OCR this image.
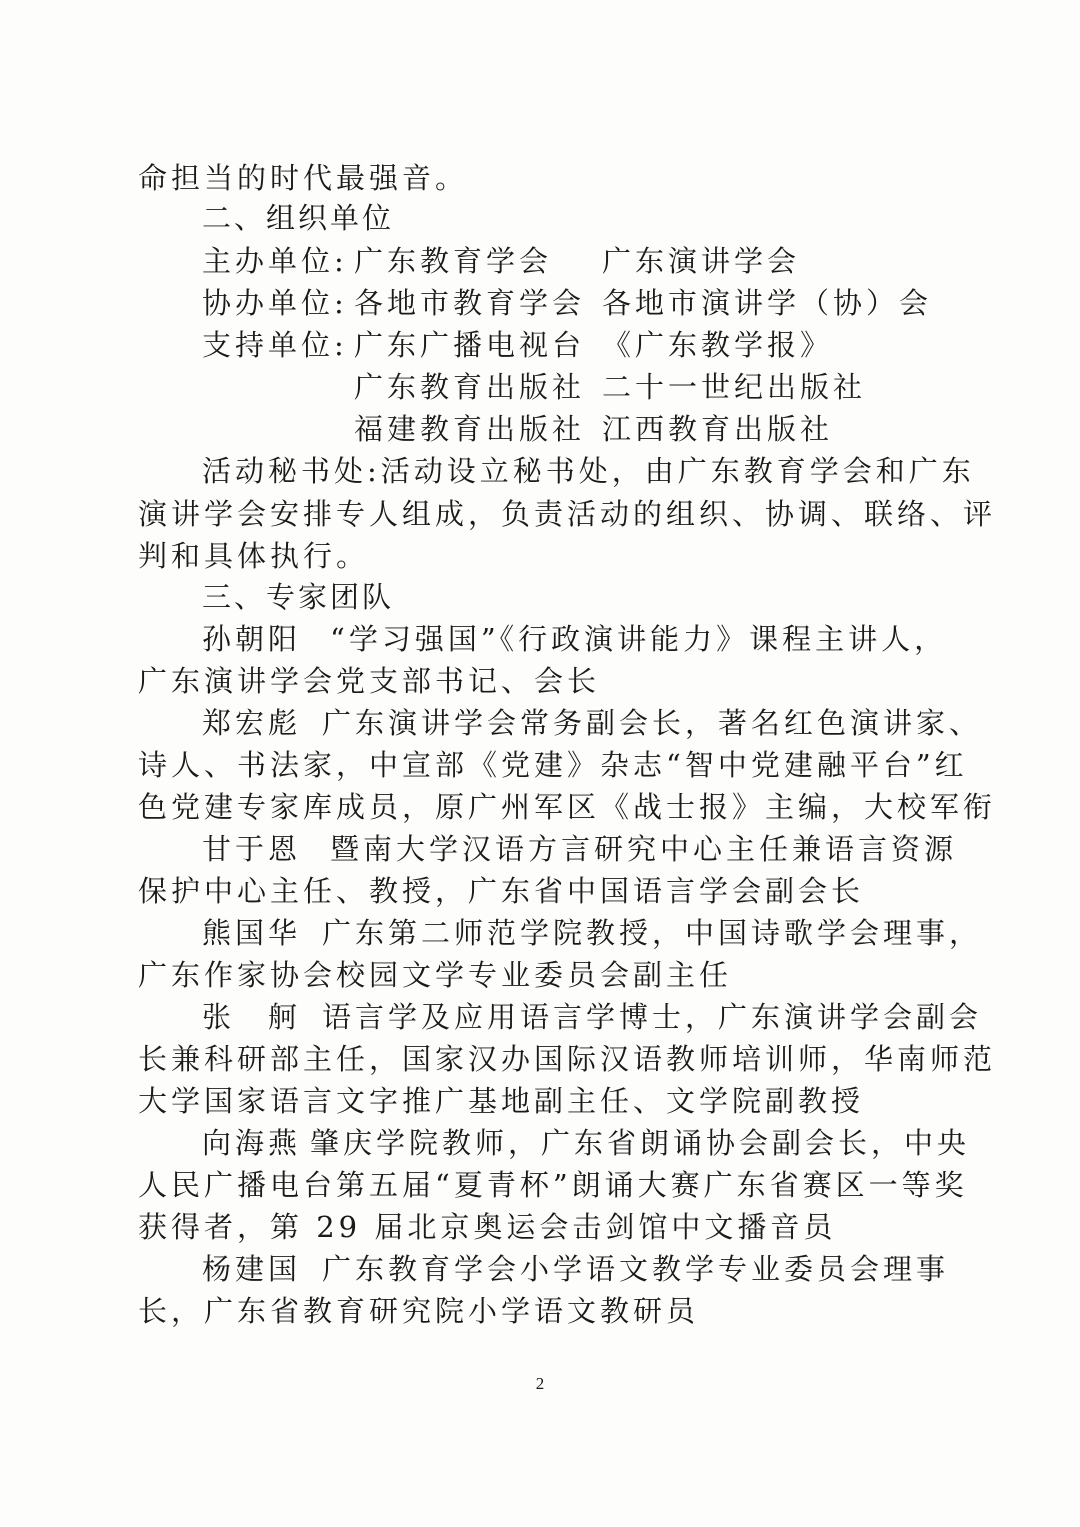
命担当的时代最强音。
二、组织单位
主办单位: 广东教育学会 广东演讲学会
协办单位: 各地市教育学会 各地市演讲学（协）会
支持单位: 广东广播电视台 《广东教学报》
广东教育出版社 二十一世纪出版社
福建教育出版社 江西教育出版社
活动秘书处:活动设立秘书处，由广东教育学会和广东
演讲学会安排专人组成，负责活动的组织、协调、联络、评
判和具体执行。
三、专家团队
孙朝阳 “学习强国”《行政演讲能力》课程主讲人，
广东演讲学会党支部书记、会长
郑宏彪 广东演讲学会常务副会长，著名红色演讲家、
诗人、书法家，中宣部《党建》杂志“智中党建融平台”红
色党建专家库成员，原广州军区《战士报》主编，大校军衔
甘于恩 暨南大学汉语方言研究中心主任兼语言资源
保护中心主任、教授，广东省中国语言学会副会长
熊国华 广东第二师范学院教授，中国诗歌学会理事，
广东作家协会校园文学专业委员会副主任
张　舸 语言学及应用语言学博士，广东演讲学会副会
长兼科研部主任，国家汉办国际汉语教师培训师，华南师范
大学国家语言文字推广基地副主任、文学院副教授
向海燕 肇庆学院教师，广东省朗诵协会副会长，中央
人民广播电台第五届“夏青杯”朗诵大赛广东省赛区一等奖
获得者，第 29 届北京奥运会击剑馆中文播音员
杨建国 广东教育学会小学语文教学专业委员会理事
长，广东省教育研究院小学语文教研员
2
